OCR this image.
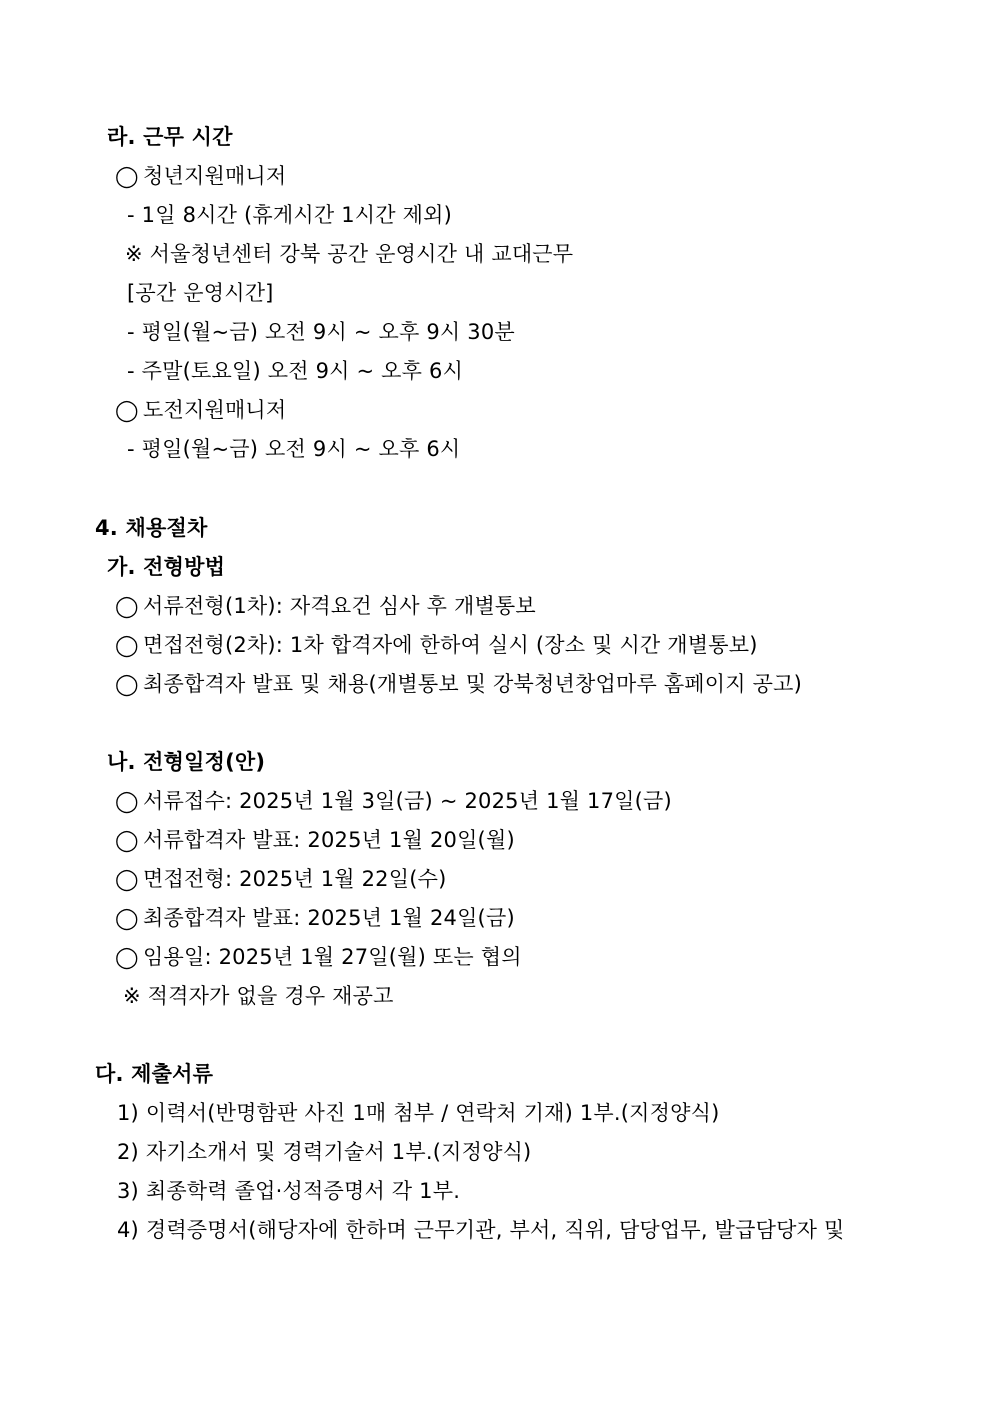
라. 근무 시간
◯ 청년지원매니저
- 1일 8시간 (휴게시간 1시간 제외)
※ 서울청년센터 강북 공간 운영시간 내 교대근무
[공간 운영시간]
- 평일(월~금) 오전 9시 ~ 오후 9시 30분
- 주말(토요일) 오전 9시 ~ 오후 6시
◯ 도전지원매니저
- 평일(월~금) 오전 9시 ~ 오후 6시
4. 채용절차
가. 전형방법
◯ 서류전형(1차): 자격요건 심사 후 개별통보
◯ 면접전형(2차): 1차 합격자에 한하여 실시 (장소 및 시간 개별통보)
◯ 최종합격자 발표 및 채용(개별통보 및 강북청년창업마루 홈페이지 공고)
나. 전형일정(안)
◯ 서류접수: 2025년 1월 3일(금) ~ 2025년 1월 17일(금)
◯ 서류합격자 발표: 2025년 1월 20일(월)
◯ 면접전형: 2025년 1월 22일(수)
◯ 최종합격자 발표: 2025년 1월 24일(금)
◯ 임용일: 2025년 1월 27일(월) 또는 협의
※ 적격자가 없을 경우 재공고
다. 제출서류
1) 이력서(반명함판 사진 1매 첨부 / 연락처 기재) 1부.(지정양식)
2) 자기소개서 및 경력기술서 1부.(지정양식)
3) 최종학력 졸업·성적증명서 각 1부.
4) 경력증명서(해당자에 한하며 근무기관, 부서, 직위, 담당업무, 발급담당자 및
